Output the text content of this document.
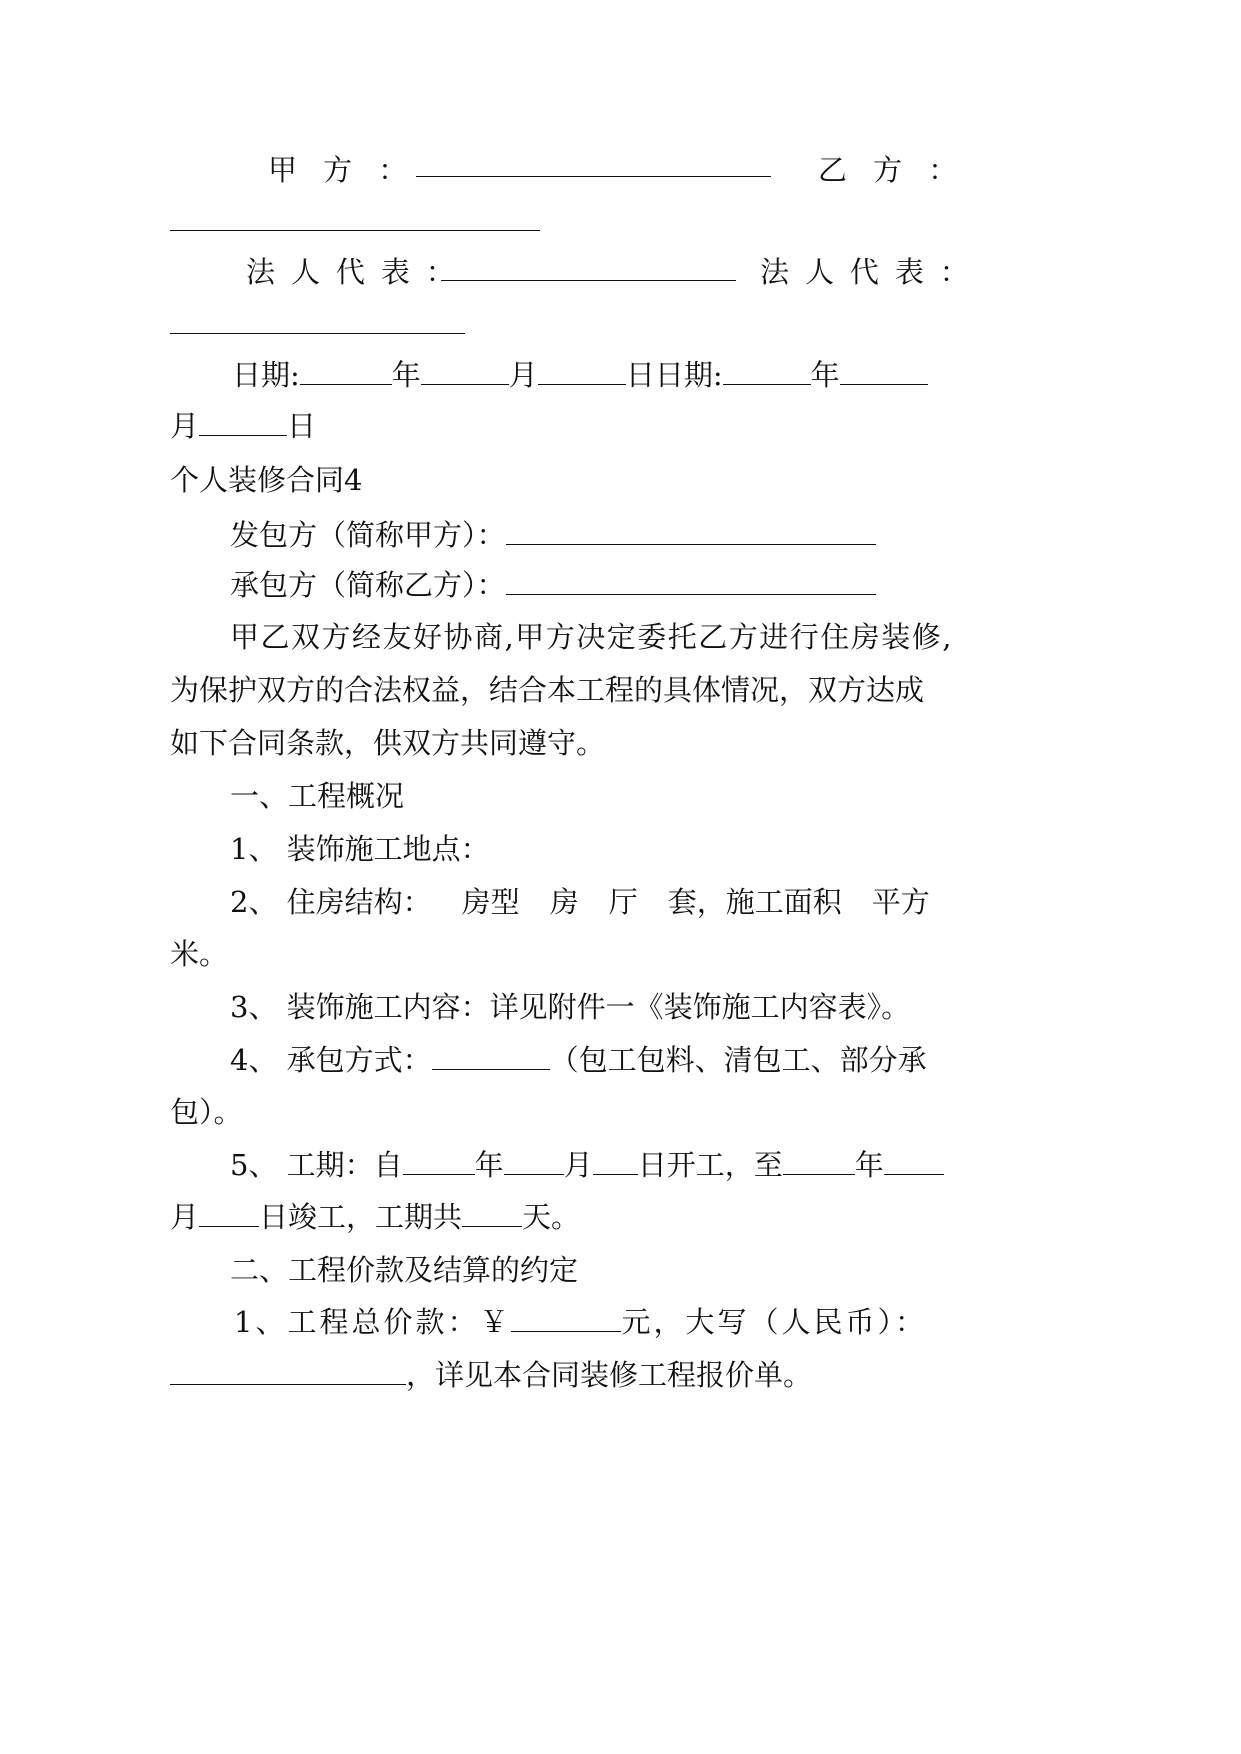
甲方：	乙方：
法人代表：	法人代表：
日期:	年	月	日日期:	年
月	日
个人装修合同4
发包方（简称甲方）：
承包方（简称乙方）：
甲乙双方经友好协商,甲方决定委托乙方进行住房装修,
为保护双方的合法权益，结合本工程的具体情况，双方达成
如下合同条款，供双方共同遵守。
一、工程概况
1、 装饰施工地点：
2、 住房结构： 房型 房 厅 套，施工面积 平方
米。
3、 装饰施工内容：详见附件一《装饰施工内容表》。
4、 承包方式：	（包工包料、清包工、部分承
包）。
5、 工期：自 年 月 日开工，至 年
月 日竣工，工期共 天。
二、工程价款及结算的约定
1、工程总价款：￥	元，大写（人民币）：
，详见本合同装修工程报价单。
